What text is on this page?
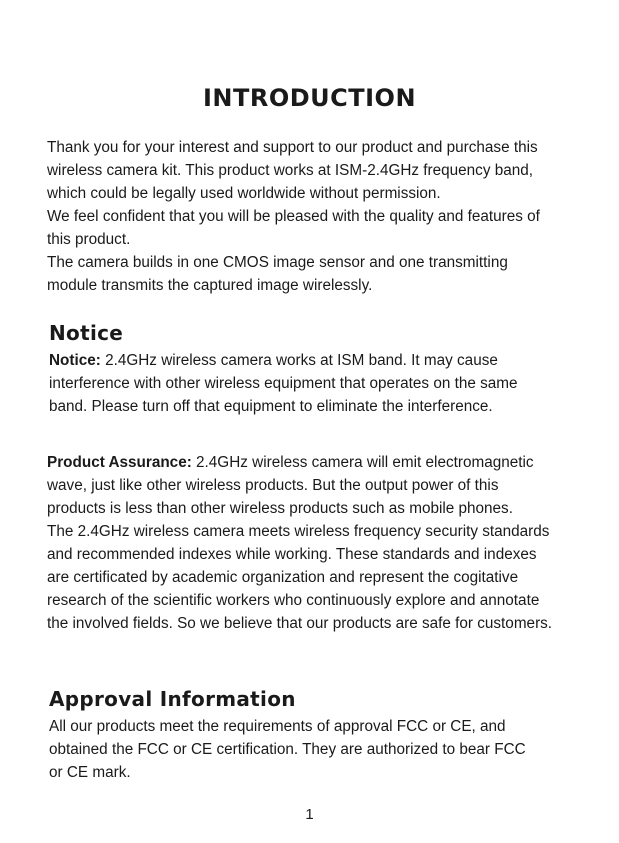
INTRODUCTION

Thank you for your interest and support to our product and purchase this
wireless camera kit. This product works at ISM-2.4GHz frequency band,
which could be legally used worldwide without permission.
We feel confident that you will be pleased with the quality and features of
this product.
The camera builds in one CMOS image sensor and one transmitting
module transmits the captured image wirelessly.

Notice

Notice: 2.4GHz wireless camera works at ISM band. It may cause
interference with other wireless equipment that operates on the same
band. Please turn off that equipment to eliminate the interference.

Product Assurance: 2.4GHz wireless camera will emit electromagnetic
wave, just like other wireless products. But the output power of this
products is less than other wireless products such as mobile phones.
The 2.4GHz wireless camera meets wireless frequency security standards
and recommended indexes while working. These standards and indexes
are certificated by academic organization and represent the cogitative
research of the scientific workers who continuously explore and annotate
the involved fields. So we believe that our products are safe for customers.

Approval Information

All our products meet the requirements of approval FCC or CE, and
obtained the FCC or CE certification. They are authorized to bear FCC
or CE mark.

1
